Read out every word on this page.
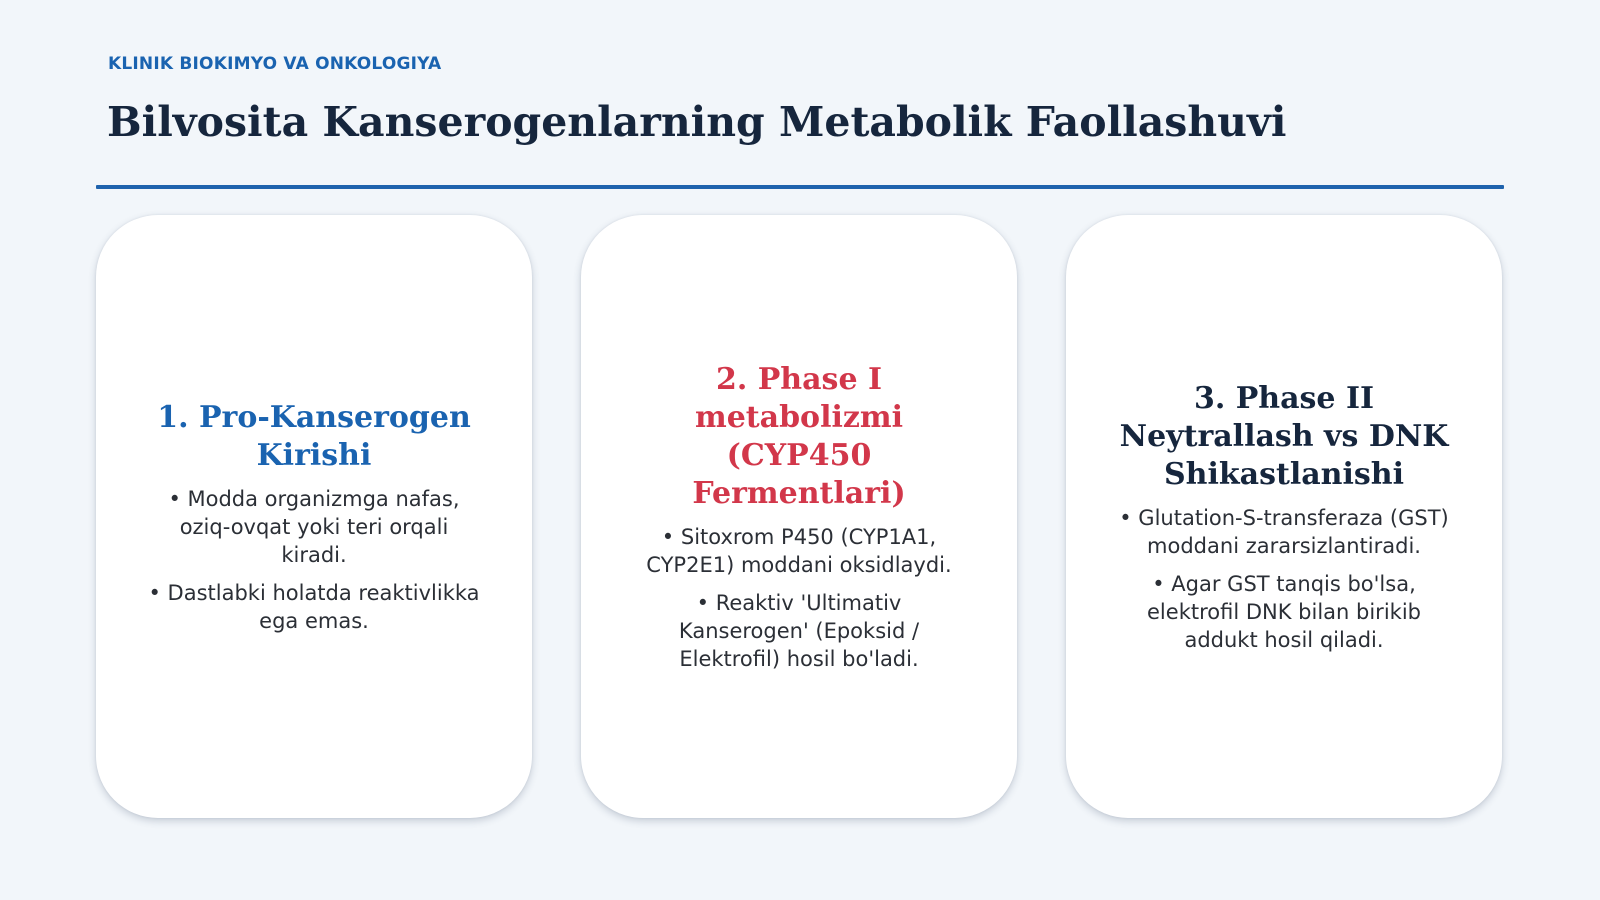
KLINIK BIOKIMYO VA ONKOLOGIYA
Bilvosita Kanserogenlarning Metabolik Faollashuvi
1. Pro-Kanserogen Kirishi

• Modda organizmga nafas, oziq-ovqat yoki teri orqali kiradi.

• Dastlabki holatda reaktivlikka ega emas.

2. Phase I metabolizmi (CYP450 Fermentlari)

• Sitoxrom P450 (CYP1A1, CYP2E1) moddani oksidlaydi.

• Reaktiv 'Ultimativ Kanserogen' (Epoksid / Elektrofil) hosil bo'ladi.

3. Phase II Neytrallash vs DNK Shikastlanishi

• Glutation-S-transferaza (GST) moddani zararsizlantiradi.

• Agar GST tanqis bo'lsa, elektrofil DNK bilan birikib addukt hosil qiladi.
